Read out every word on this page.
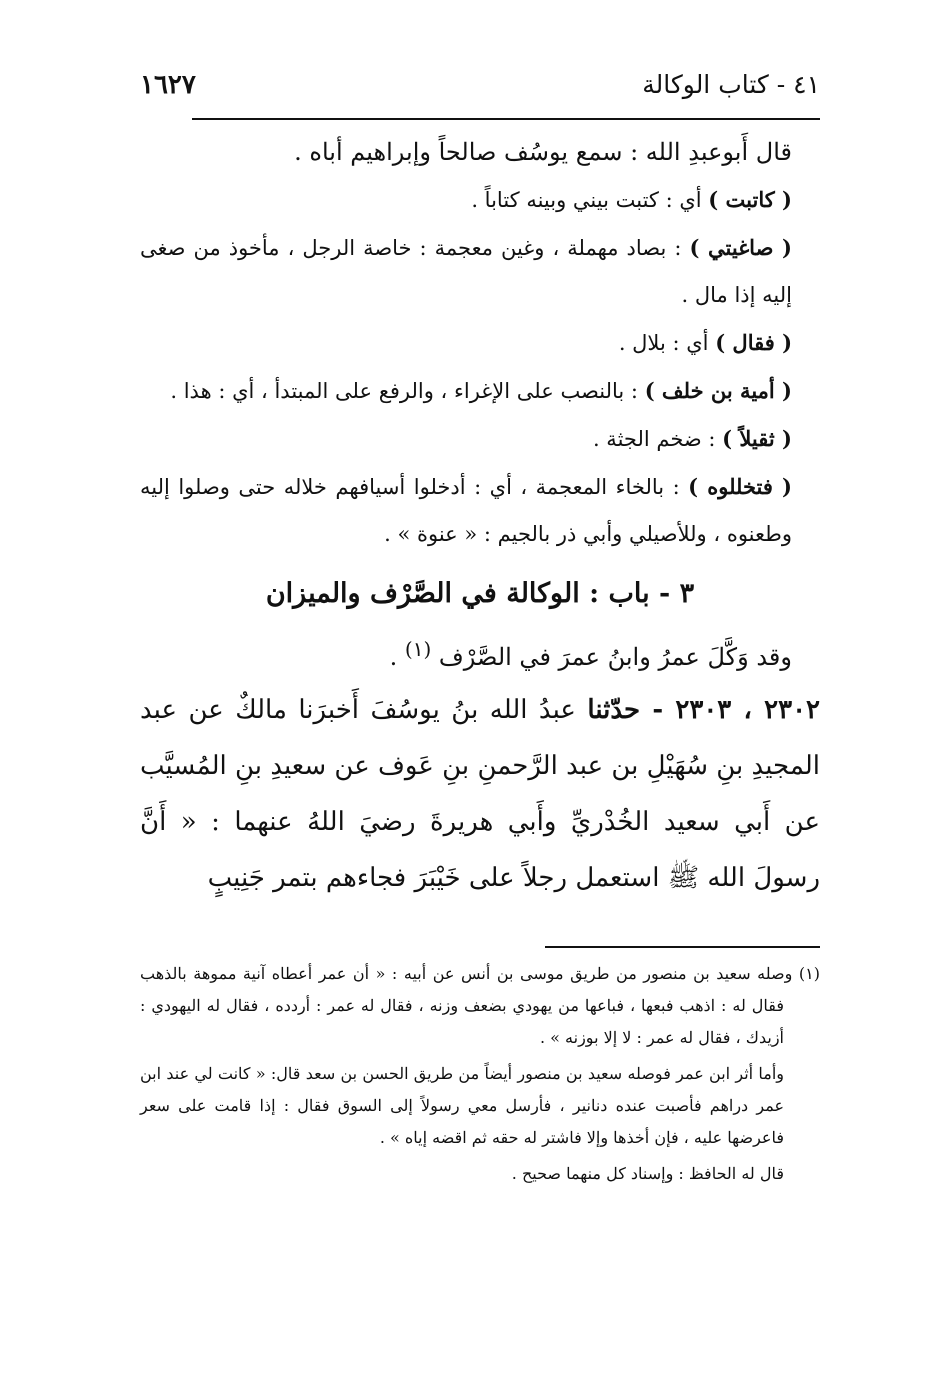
١٦٢٧	٤١ - كتاب الوكالة

قال أَبوعبدِ الله : سمع يوسُف صالحاً وإبراهيم أباه .

( كاتبت ) أي : كتبت بيني وبينه كتاباً .

( صاغيتي ) : بصاد مهملة ، وغين معجمة : خاصة الرجل ، مأخوذ من صغى إليه إذا مال .

( فقال ) أي : بلال .

( أمية بن خلف ) : بالنصب على الإغراء ، والرفع على المبتدأ ، أي : هذا .

( ثقيلاً ) : ضخم الجثة .

( فتخللوه ) : بالخاء المعجمة ، أي : أدخلوا أسيافهم خلاله حتى وصلوا إليه وطعنوه ، وللأصيلي وأبي ذر بالجيم : « عنوة » .

٣ - باب : الوكالة في الصَّرْف والميزان

وقد وَكَّلَ عمرُ وابنُ عمرَ في الصَّرْف $^{(١)}$ .

٢٣٠٢ ، ٢٣٠٣ - حدّثنا عبدُ الله بنُ يوسُفَ أَخبرَنا مالكٌ عن عبد المجيدِ بنِ سُهَيْلِ بن عبد الرَّحمنِ بنِ عَوف عن سعيدِ بنِ المُسيَّب عن أَبي سعيد الخُدْريِّ وأَبي هريرةَ رضيَ اللهُ عنهما : « أَنَّ رسولَ الله ﷺ استعمل رجلاً على خَيْبَرَ فجاءهم بتمر جَنِيبٍ

(١) وصله سعيد بن منصور من طريق موسى بن أنس عن أبيه : « أن عمر أعطاه آنية مموهة بالذهب فقال له : اذهب فبعها ، فباعها من يهودي بضعف وزنه ، فقال له عمر : أردده ، فقال له اليهودي : أزيدك ، فقال له عمر : لا إلا بوزنه » .

وأما أثر ابن عمر فوصله سعيد بن منصور أيضاً من طريق الحسن بن سعد قال: « كانت لي عند ابن عمر دراهم فأصبت عنده دنانير ، فأرسل معي رسولاً إلى السوق فقال : إذا قامت على سعر فاعرضها عليه ، فإن أخذها وإلا فاشتر له حقه ثم اقضه إياه » .

قال له الحافظ : وإسناد كل منهما صحيح .
